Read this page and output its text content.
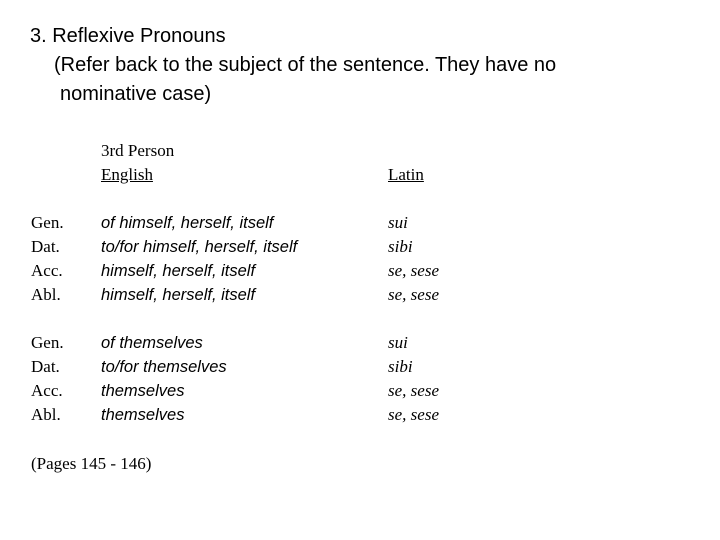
3. Reflexive Pronouns
(Refer back to the subject of the sentence. They have no
nominative case)
3rd Person
English	Latin
Gen.
Dat.
Acc.
Abl.
of himself, herself, itself
to/for himself, herself, itself
himself, herself, itself
himself, herself, itself
sui
sibi
se, sese
se, sese
Gen.
Dat.
Acc.
Abl.
of themselves
to/for themselves
themselves
themselves
sui
sibi
se, sese
se, sese
(Pages 145 - 146)
